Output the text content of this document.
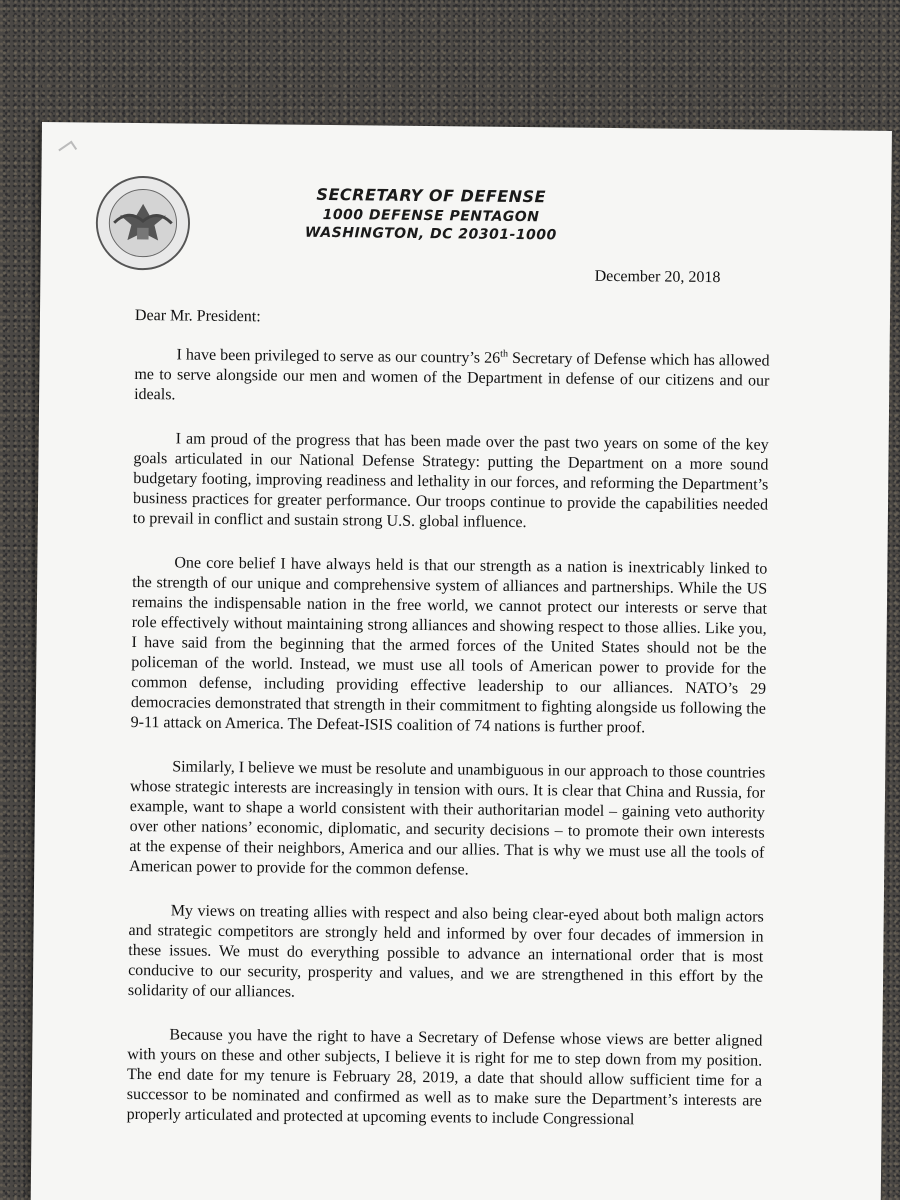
SECRETARY OF DEFENSE
1000 DEFENSE PENTAGON
WASHINGTON, DC 20301-1000
December 20, 2018
Dear Mr. President:

I have been privileged to serve as our country’s 26th Secretary of Defense which has allowed me to serve alongside our men and women of the Department in defense of our citizens and our ideals.

I am proud of the progress that has been made over the past two years on some of the key goals articulated in our National Defense Strategy: putting the Department on a more sound budgetary footing, improving readiness and lethality in our forces, and reforming the Department’s business practices for greater performance. Our troops continue to provide the capabilities needed to prevail in conflict and sustain strong U.S. global influence.

One core belief I have always held is that our strength as a nation is inextricably linked to the strength of our unique and comprehensive system of alliances and partnerships. While the US remains the indispensable nation in the free world, we cannot protect our interests or serve that role effectively without maintaining strong alliances and showing respect to those allies. Like you, I have said from the beginning that the armed forces of the United States should not be the policeman of the world. Instead, we must use all tools of American power to provide for the common defense, including providing effective leadership to our alliances. NATO’s 29 democracies demonstrated that strength in their commitment to fighting alongside us following the 9-11 attack on America. The Defeat-ISIS coalition of 74 nations is further proof.

Similarly, I believe we must be resolute and unambiguous in our approach to those countries whose strategic interests are increasingly in tension with ours. It is clear that China and Russia, for example, want to shape a world consistent with their authoritarian model – gaining veto authority over other nations’ economic, diplomatic, and security decisions – to promote their own interests at the expense of their neighbors, America and our allies. That is why we must use all the tools of American power to provide for the common defense.

My views on treating allies with respect and also being clear-eyed about both malign actors and strategic competitors are strongly held and informed by over four decades of immersion in these issues. We must do everything possible to advance an international order that is most conducive to our security, prosperity and values, and we are strengthened in this effort by the solidarity of our alliances.

Because you have the right to have a Secretary of Defense whose views are better aligned with yours on these and other subjects, I believe it is right for me to step down from my position. The end date for my tenure is February 28, 2019, a date that should allow sufficient time for a successor to be nominated and confirmed as well as to make sure the Department’s interests are properly articulated and protected at upcoming events to include Congressional
